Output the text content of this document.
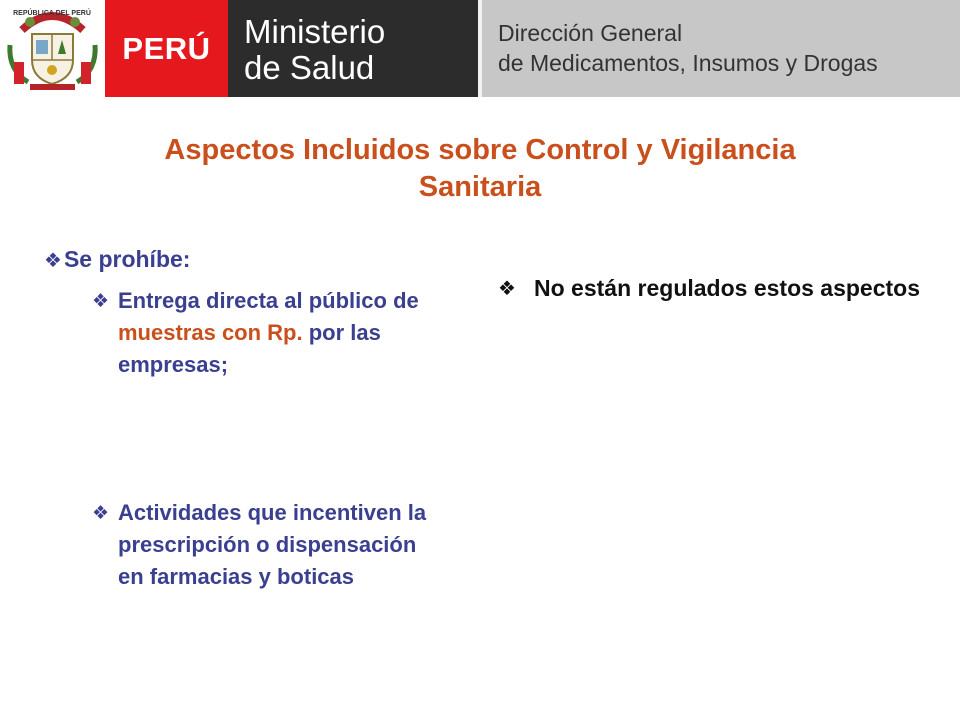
REPÚBLICA DEL PERÚ
PERÚ	Ministerio
de Salud
Dirección General
de Medicamentos, Insumos y Drogas
Aspectos Incluidos sobre Control y Vigilancia
Sanitaria
❖Se prohíbe:
❖ Entrega directa al público de muestras con Rp. por las empresas;
❖ Actividades que incentiven la prescripción o dispensación en farmacias y boticas
❖ No están regulados estos aspectos
